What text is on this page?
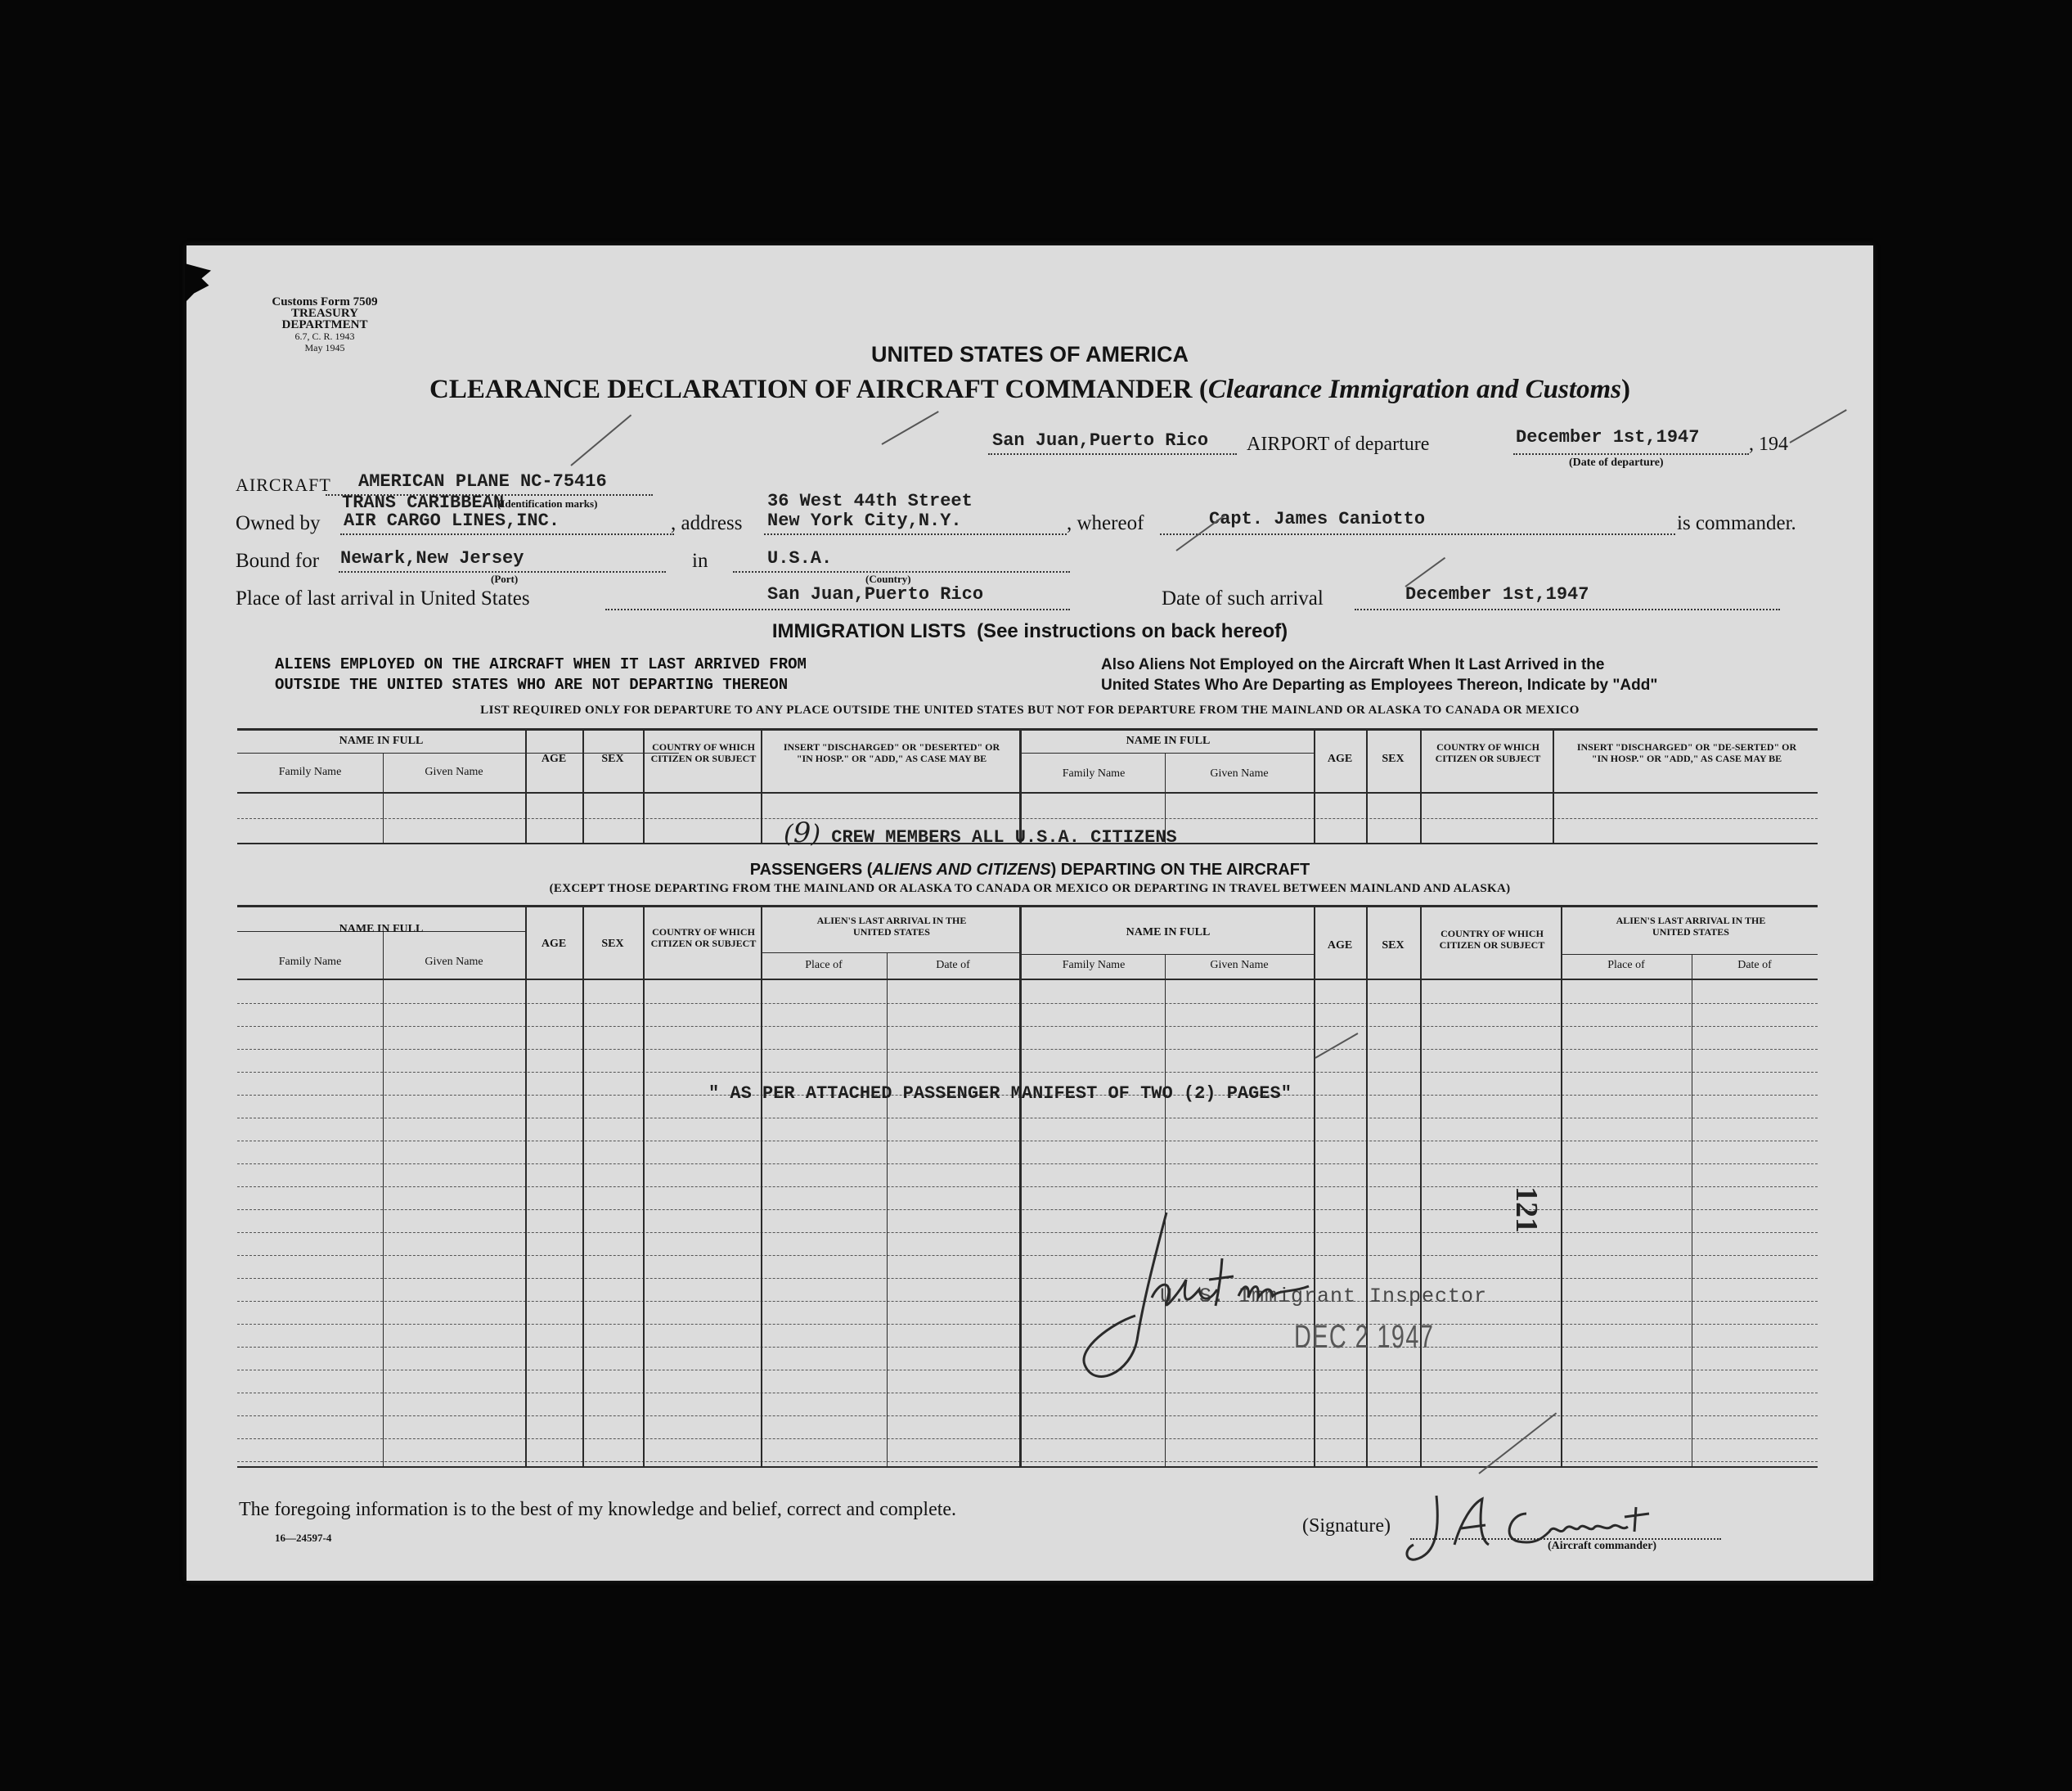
Customs Form 7509
TREASURY DEPARTMENT
6.7, C. R. 1943
May 1945	UNITED STATES OF AMERICA
CLEARANCE DECLARATION OF AIRCRAFT COMMANDER (Clearance Immigration and Customs)
San Juan,Puerto Rico AIRPORT of departure	December 1st,1947	, 194
(Date of departure)
AIRCRAFT AMERICAN PLANE NC-75416
TRANS CARIBBEAN
(Identification marks)
Owned by AIR CARGO LINES,INC.	, address
36 West 44th Street
New York City,N.Y.	, whereof	Capt. James Caniotto	is commander.
Bound for Newark,New Jersey
(Port)
in	U.S.A.
(Country)
Place of last arrival in United States	San Juan,Puerto Rico	Date of such arrival	December 1st,1947
IMMIGRATION LISTS (See instructions on back hereof)
ALIENS EMPLOYED ON THE AIRCRAFT WHEN IT LAST ARRIVED FROM
OUTSIDE THE UNITED STATES WHO ARE NOT DEPARTING THEREON
Also Aliens Not Employed on the Aircraft When It Last Arrived in the
United States Who Are Departing as Employees Thereon, Indicate by "Add"
LIST REQUIRED ONLY FOR DEPARTURE TO ANY PLACE OUTSIDE THE UNITED STATES BUT NOT FOR DEPARTURE FROM THE MAINLAND OR ALASKA TO CANADA OR MEXICO
NAME IN FULL
Family Name	Given Name
AGE	SEX
COUNTRY OF WHICH CITIZEN OR SUBJECT
INSERT "DISCHARGED" OR "DESERTED" OR "IN HOSP." OR "ADD," AS CASE MAY BE
NAME IN FULL
Family Name	Given Name
AGE	SEX
COUNTRY OF WHICH CITIZEN OR SUBJECT
INSERT "DISCHARGED" OR "DE-SERTED" OR "IN HOSP." OR "ADD," AS CASE MAY BE
(9) CREW MEMBERS ALL U.S.A. CITIZENS
PASSENGERS (ALIENS AND CITIZENS) DEPARTING ON THE AIRCRAFT
(EXCEPT THOSE DEPARTING FROM THE MAINLAND OR ALASKA TO CANADA OR MEXICO OR DEPARTING IN TRAVEL BETWEEN MAINLAND AND ALASKA)
NAME IN FULL
Family Name	Given Name
AGE	SEX
COUNTRY OF WHICH CITIZEN OR SUBJECT
ALIEN'S LAST ARRIVAL IN THE UNITED STATES
Place of	Date of
NAME IN FULL
Family Name	Given Name
AGE	SEX
COUNTRY OF WHICH CITIZEN OR SUBJECT
ALIEN'S LAST ARRIVAL IN THE UNITED STATES
Place of	Date of
" AS PER ATTACHED PASSENGER MANIFEST OF TWO (2) PAGES"
U. S. Immigrant Inspector
DEC 2 1947
121
The foregoing information is to the best of my knowledge and belief, correct and complete.
16—24597-4
(Signature)
(Aircraft commander)
